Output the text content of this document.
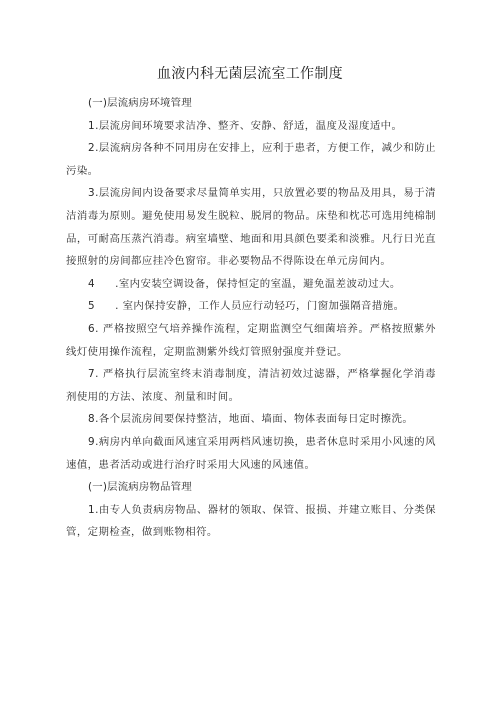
血液内科无菌层流室工作制度

(一)层流病房环境管理

1.层流房间环境要求洁净、整齐、安静、舒适，温度及湿度适中。

2.层流病房各种不同用房在安排上，应利于患者，方便工作，减少和防止污染。

3.层流房间内设备要求尽量简单实用，只放置必要的物品及用具，易于清洁消毒为原则。避免使用易发生脱粒、脱屑的物品。床垫和枕芯可选用纯棉制品，可耐高压蒸汽消毒。病室墙壁、地面和用具颜色要柔和淡雅。凡行日光直接照射的房间都应挂冷色窗帘。非必要物品不得陈设在单元房间内。

4 .室内安装空调设备，保持恒定的室温，避免温差波动过大。

5 . 室内保持安静，工作人员应行动轻巧，门窗加强隔音措施。

6. 严格按照空气培养操作流程，定期监测空气细菌培养。严格按照紫外线灯使用操作流程，定期监测紫外线灯管照射强度并登记。

7. 严格执行层流室终末消毒制度，清洁初效过滤器，严格掌握化学消毒剂使用的方法、浓度、剂量和时间。

8.各个层流房间要保持整洁，地面、墙面、物体表面每日定时擦洗。

9.病房内单向截面风速宜采用两档风速切换，患者休息时采用小风速的风速值，患者活动或进行治疗时采用大风速的风速值。

(一)层流病房物品管理

1.由专人负责病房物品、器材的领取、保管、报损、并建立账目、分类保管，定期检查，做到账物相符。
